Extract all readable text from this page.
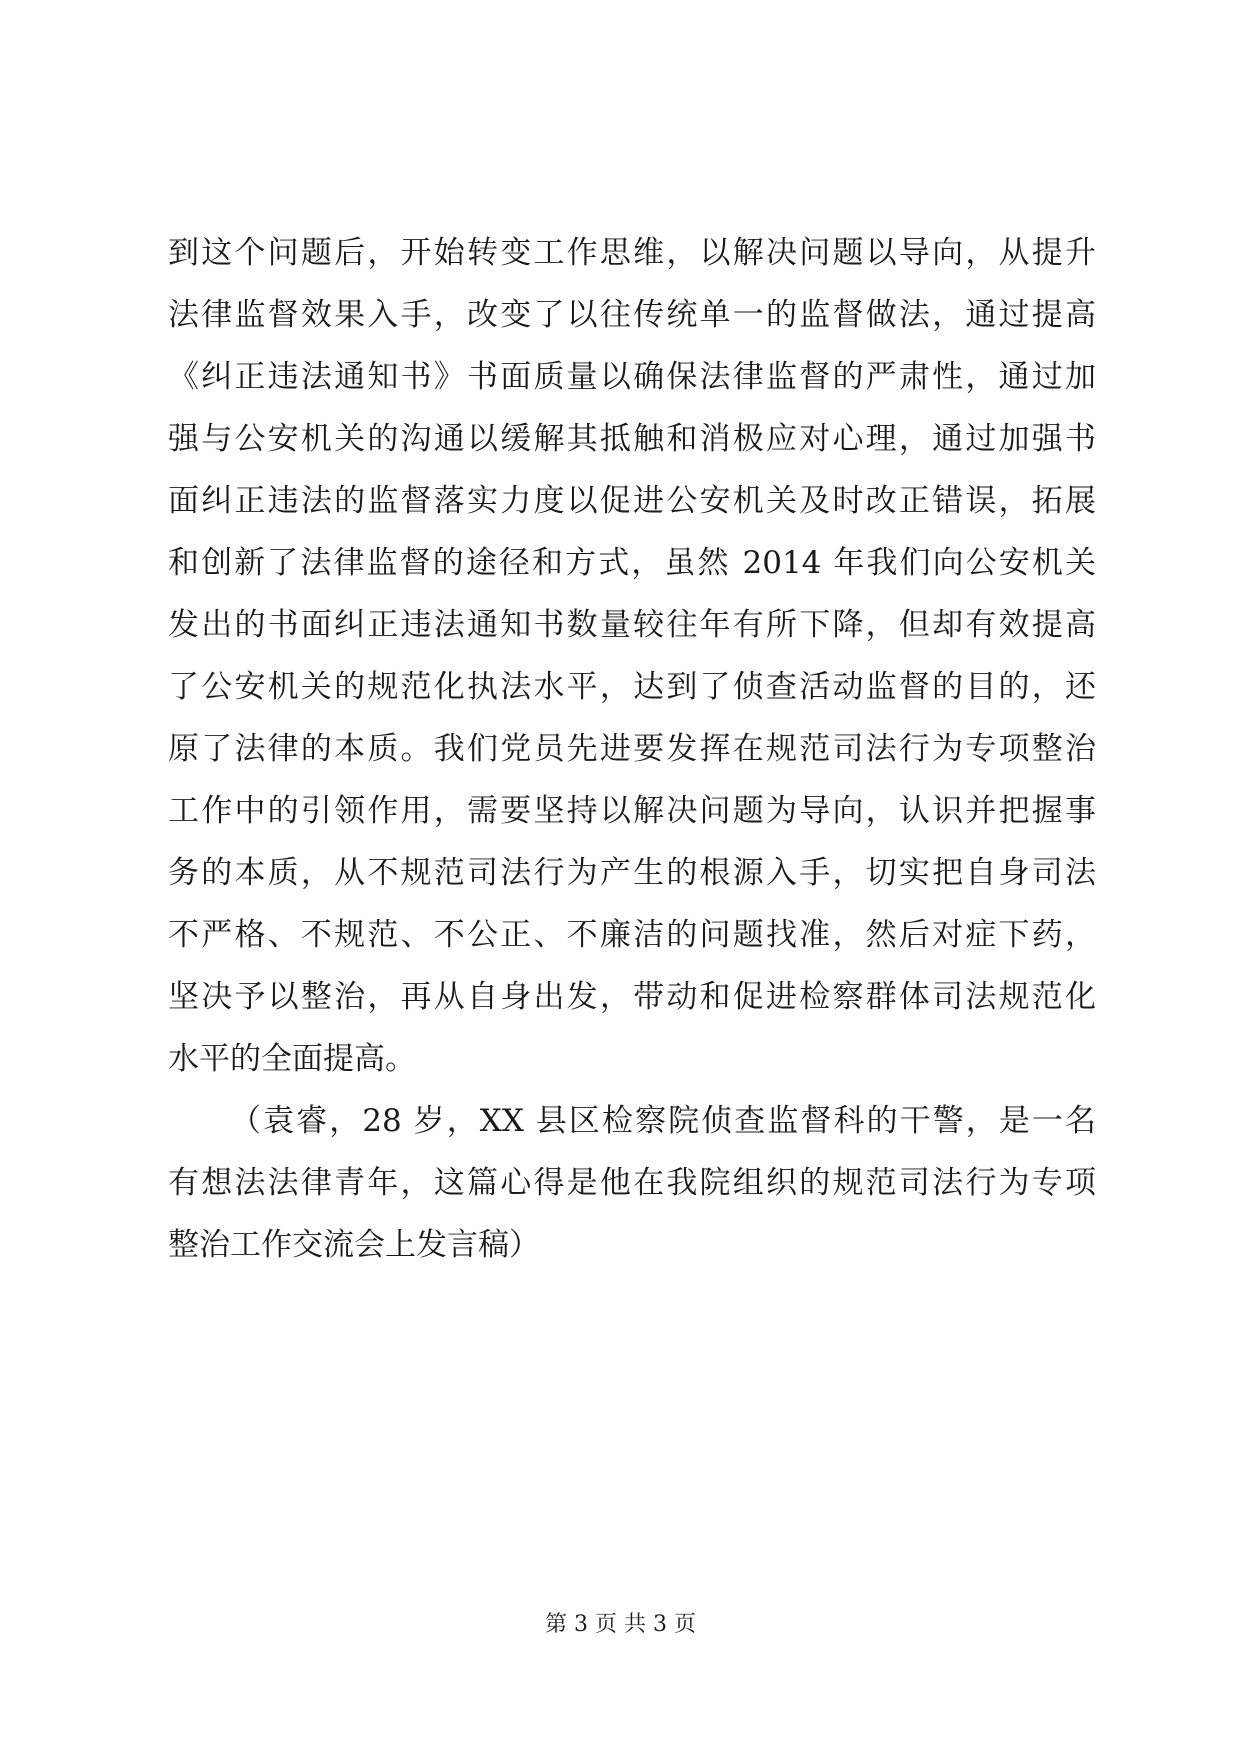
到这个问题后，开始转变工作思维，以解决问题以导向，从提升
法律监督效果入手，改变了以往传统单一的监督做法，通过提高
《纠正违法通知书》书面质量以确保法律监督的严肃性，通过加
强与公安机关的沟通以缓解其抵触和消极应对心理，通过加强书
面纠正违法的监督落实力度以促进公安机关及时改正错误，拓展
和创新了法律监督的途径和方式，虽然 2014 年我们向公安机关
发出的书面纠正违法通知书数量较往年有所下降，但却有效提高
了公安机关的规范化执法水平，达到了侦查活动监督的目的，还
原了法律的本质。我们党员先进要发挥在规范司法行为专项整治
工作中的引领作用，需要坚持以解决问题为导向，认识并把握事
务的本质，从不规范司法行为产生的根源入手，切实把自身司法
不严格、不规范、不公正、不廉洁的问题找准，然后对症下药，
坚决予以整治，再从自身出发，带动和促进检察群体司法规范化
水平的全面提高。
（袁睿，28 岁，XX 县区检察院侦查监督科的干警，是一名
有想法法律青年，这篇心得是他在我院组织的规范司法行为专项
整治工作交流会上发言稿）
第 3 页 共 3 页
